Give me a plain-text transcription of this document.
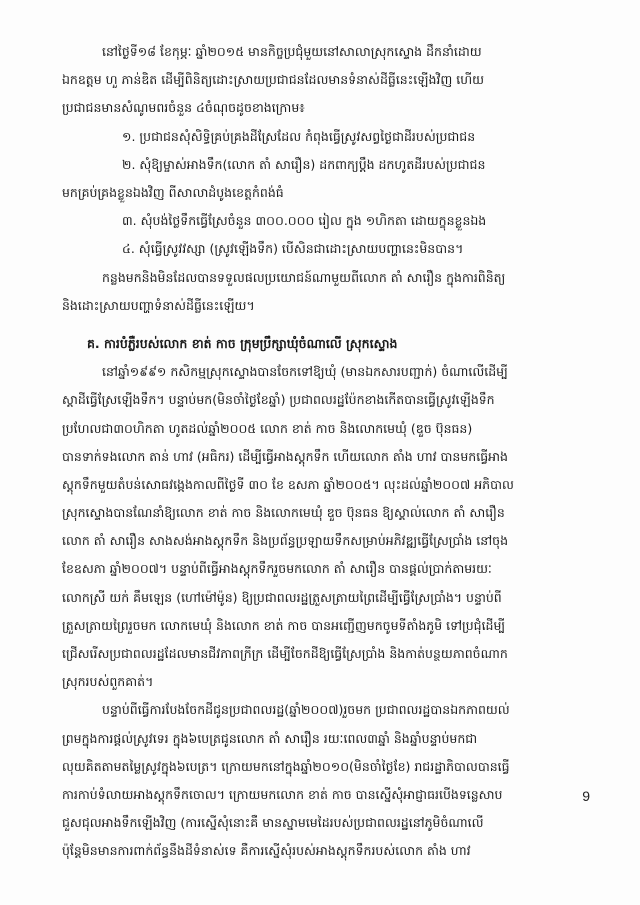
នៅថ្ងៃទី១៨ ខែកុម្ភៈ ឆ្នាំ២០១៥ មានកិច្ចប្រជុំមួយនៅសាលាស្រុកស្ទោង ដឹកនាំដោយ
ឯកឧត្តម ហួ ភាន់ឌិត ដើម្បីពិនិត្យដោះស្រាយប្រជាជនដែលមានទំនាស់ដីធ្លីនេះឡើងវិញ ហើយ
ប្រជាជនមានសំណូមពរចំនួន ៤ចំណុចដូចខាងក្រោម៖
១. ប្រជាជនសុំសិទ្ធិគ្រប់គ្រងដីស្រែដែល កំពុងធ្វើស្រូវសព្វថ្ងៃជាដីរបស់ប្រជាជន
២. សុំឱ្យម្ចាស់អាងទឹក(លោក តាំ សារឿន) ដកពាក្យប្តឹង ដកហូតដីរបស់ប្រជាជន
មកគ្រប់គ្រងខ្លួនឯងវិញ ពីសាលាដំបូងខេត្តកំពង់ធំ
៣. សុំបង់ថ្លៃទឹកធ្វើស្រែចំនួន ៣០០.០០០ រៀល ក្នុង ១ហិកតា ដោយក្ខុនខ្លួនឯង
៤. សុំធ្វើស្រូវវស្សា (ស្រូវឡើងទឹក) បើសិនជាដោះស្រាយបញ្ហានេះមិនបាន។
កន្លងមកនិងមិនដែលបានទទួលផលប្រយោជន៍ណាមួយពីលោក តាំ សារឿន ក្នុងការពិនិត្យ
និងដោះស្រាយបញ្ហាទំនាស់ដីធ្លីនេះឡើយ។
គ. ការបំភ្លឺរបស់លោក ខាត់ កាច ក្រុមប្រឹក្សាឃុំចំណាលើ ស្រុកស្ទោង
នៅឆ្នាំ១៩៩១ កសិកម្មស្រុកស្ទោងបានចែកទៅឱ្យឃុំ (មានឯកសារបញ្ជាក់) ចំណាលើដើម្បី
ស្តាដីធ្វើស្រែឡើងទឹក។ បន្ទាប់មក(មិនចាំថ្ងៃខែឆ្នាំ) ប្រជាពលរដ្ឋប៉ែកខាងកើតបានធ្វើស្រូវឡើងទឹក
ប្រហែលជា៣០ហិកតា ហូតដល់ឆ្នាំ២០០៥ លោក ខាត់ កាច និងលោកមេឃុំ (ឌួច ប៊ុនធន)
បានទាក់ទងលោក តាន់ ហាវ (អធិករ) ដើម្បីធ្វើអាងស្តុកទឹក ហើយលោក តាំង ហាវ បានមកធ្វើអាង
ស្តុកទឹកមួយតំបន់សោធវង្កេងកាលពីថ្ងៃទី ៣០ ខែ ឧសភា ឆ្នាំ២០០៥។ លុះដល់ឆ្នាំ២០០៧ អភិបាល
ស្រុកស្ទោងបានណែនាំឱ្យលោក ខាត់ កាច និងលោកមេឃុំ ឌួច ប៊ុនធន ឱ្យស្គាល់លោក តាំ សារឿន
លោក តាំ សារឿន សាងសង់អាងស្តុកទឹក និងប្រព័ន្ធប្រឡាយទឹកសម្រាប់អភិវឌ្ឍធ្វើស្រែប្រាំង នៅចុង
ខែឧសភា ឆ្នាំ២០០៧។ បន្ទាប់ពីធ្វើអាងស្តុកទឹករួចមកលោក តាំ សារឿន បានផ្តល់ប្រាក់តាមរយៈ
លោកស្រី យក់ គឹមឡេន (ហៅម៉ៅម៉ូន) ឱ្យប្រជាពលរដ្ឋត្រួសត្រាយព្រៃដើម្បីធ្វើស្រែប្រាំង។ បន្ទាប់ពី
ត្រួសត្រាយព្រៃរួចមក លោកមេឃុំ និងលោក ខាត់ កាច បានអញ្ជើញមកចូមទីតាំងភូមិ ទៅប្រជុំដើម្បី
ជ្រើសរើសប្រជាពលរដ្ឋដែលមានជីវភាពក្រីក្រ ដើម្បីចែកដីឱ្យធ្វើស្រែប្រាំង និងកាត់បន្ថយភាពចំណាក
ស្រុករបស់ពួកគាត់។
បន្ទាប់ពីធ្វើការបែងចែកដីជូនប្រជាពលរដ្ឋ(ឆ្នាំ២០០៧)រួចមក ប្រជាពលរដ្ឋបានឯកភាពយល់
ព្រមក្នុងការផ្តល់ស្រូវទេរ ក្នុង៦បេត្រជូនលោក តាំ សារឿន រយៈពេល៣ឆ្នាំ និងឆ្នាំបន្ទាប់មកជា
លុយគិតតាមតម្លៃស្រូវក្នុង៦បេត្រ។ ក្រោយមកនៅក្នុងឆ្នាំ២០១០(មិនចាំថ្ងៃខែ) រាជរដ្ឋាភិបាលបានធ្វើ
ការកាប់ទំលាយអាងស្តុកទឹកចោល។ ក្រោយមកលោក ខាត់ កាច បានស្នើសុំអាជ្ញាធរបើងទន្លេសាប
ជួសជុលអាងទឹកឡើងវិញ (ការស្នើសុំនោះគឺ មានស្នាមមេដៃរបស់ប្រជាពលរដ្ឋនៅភូមិចំណាលើ
ប៉ុន្តែមិនមានការពាក់ព័ន្ធនឹងដីទំនាស់ទេ គឺការស្នើសុំរបស់អាងស្តុកទឹករបស់លោក តាំង ហាវ
9
